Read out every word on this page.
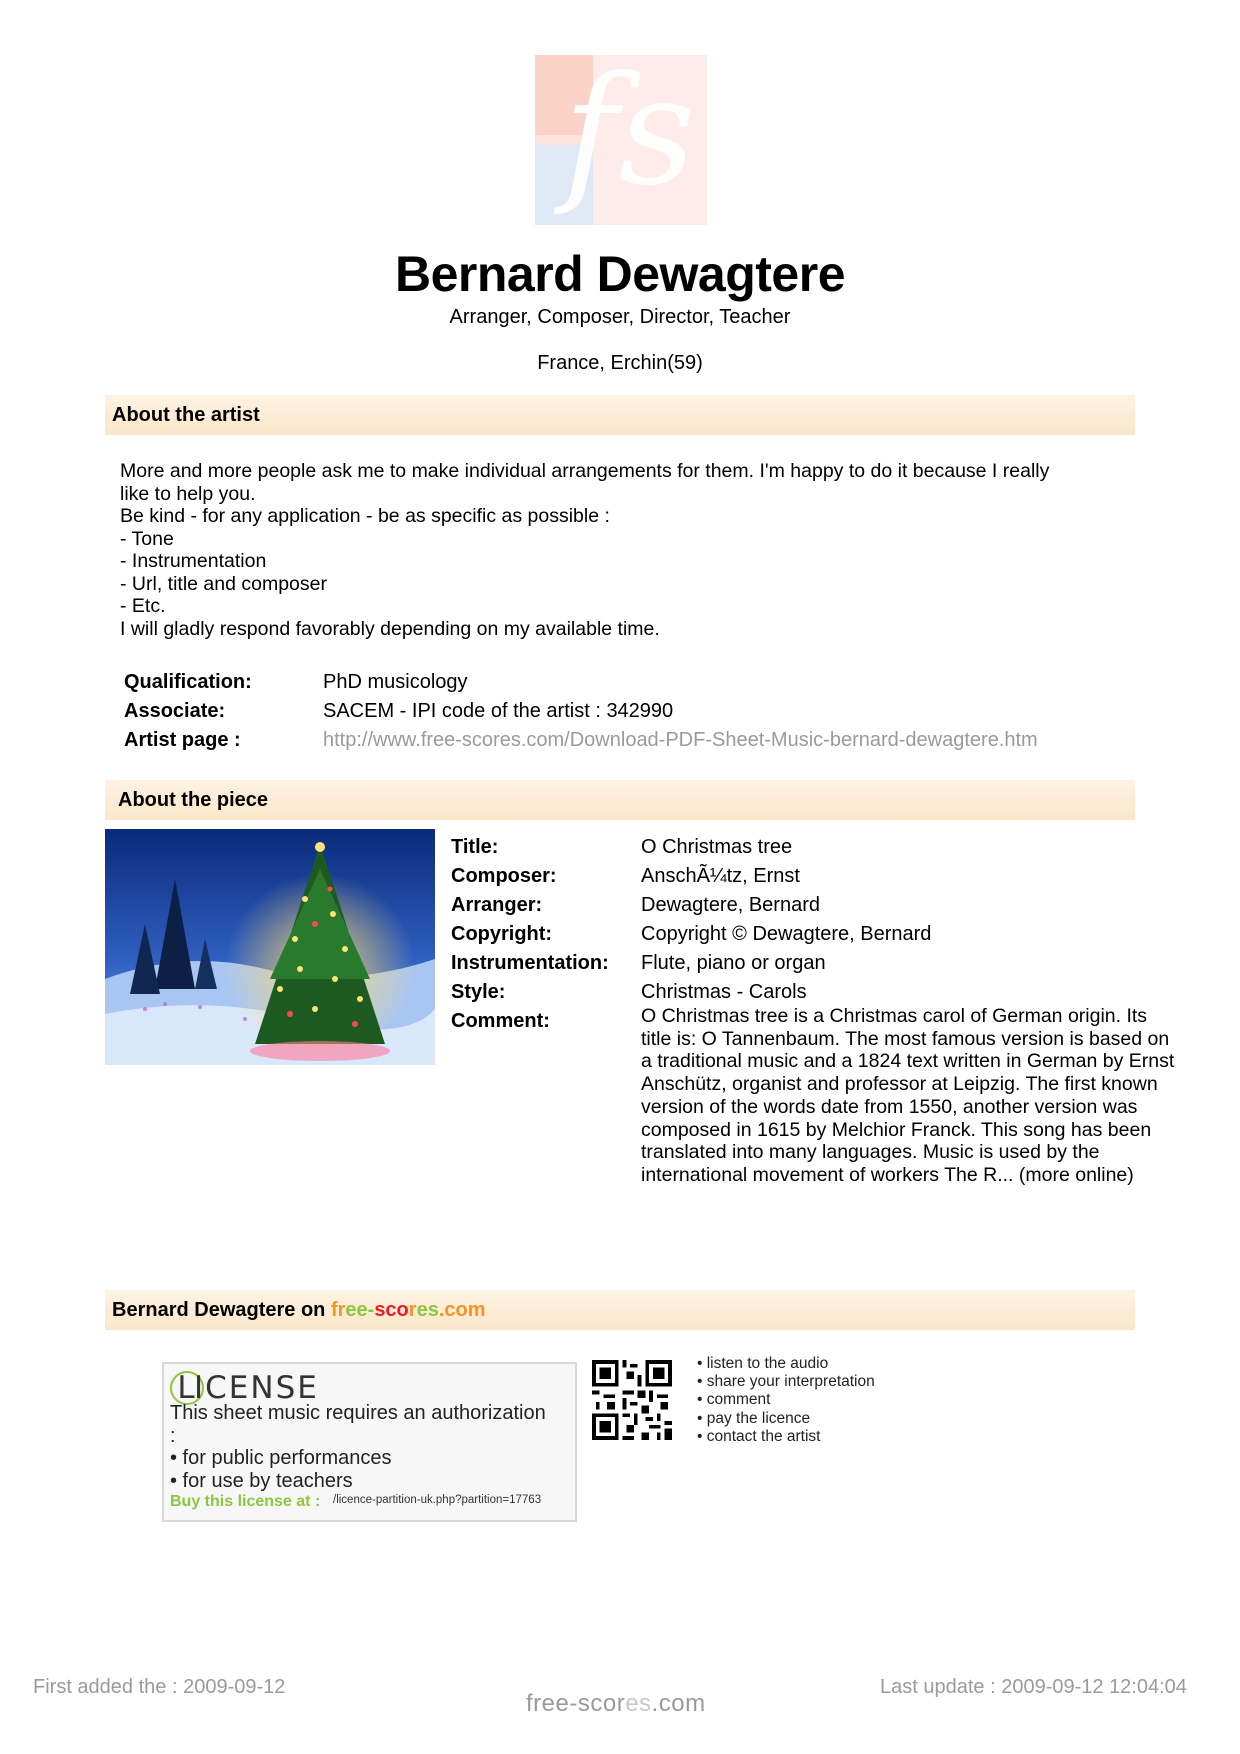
fs
Bernard Dewagtere
Arranger, Composer, Director, Teacher
France, Erchin(59)
About the artist
More and more people ask me to make individual arrangements for them. I'm happy to do it because I really
like to help you.
Be kind - for any application - be as specific as possible :
- Tone
- Instrumentation
- Url, title and composer
- Etc.
I will gladly respond favorably depending on my available time.
Qualification:	PhD musicology
Associate:	SACEM - IPI code of the artist : 342990
Artist page :	http://www.free-scores.com/Download-PDF-Sheet-Music-bernard-dewagtere.htm
About the piece
Title:	O Christmas tree
Composer:	AnschÃ¼tz, Ernst
Arranger:	Dewagtere, Bernard
Copyright:	Copyright © Dewagtere, Bernard
Instrumentation: Flute, piano or organ
Style:	Christmas - Carols
Comment:	O Christmas tree is a Christmas carol of German origin. Its
title is: O Tannenbaum. The most famous version is based on
a traditional music and a 1824 text written in German by Ernst
Anschütz, organist and professor at Leipzig. The first known
version of the words date from 1550, another version was
composed in 1615 by Melchior Franck. This song has been
translated into many languages. Music is used by the
international movement of workers The R... (more online)
Bernard Dewagtere on free-scores.com
LICENSE
This sheet music requires an authorization
:
• for public performances
• for use by teachers
Buy this license at : /licence-partition-uk.php?partition=17763
• listen to the audio
• share your interpretation
• comment
• pay the licence
• contact the artist
First added the : 2009-09-12	Last update : 2009-09-12 12:04:04
free-scores.com
